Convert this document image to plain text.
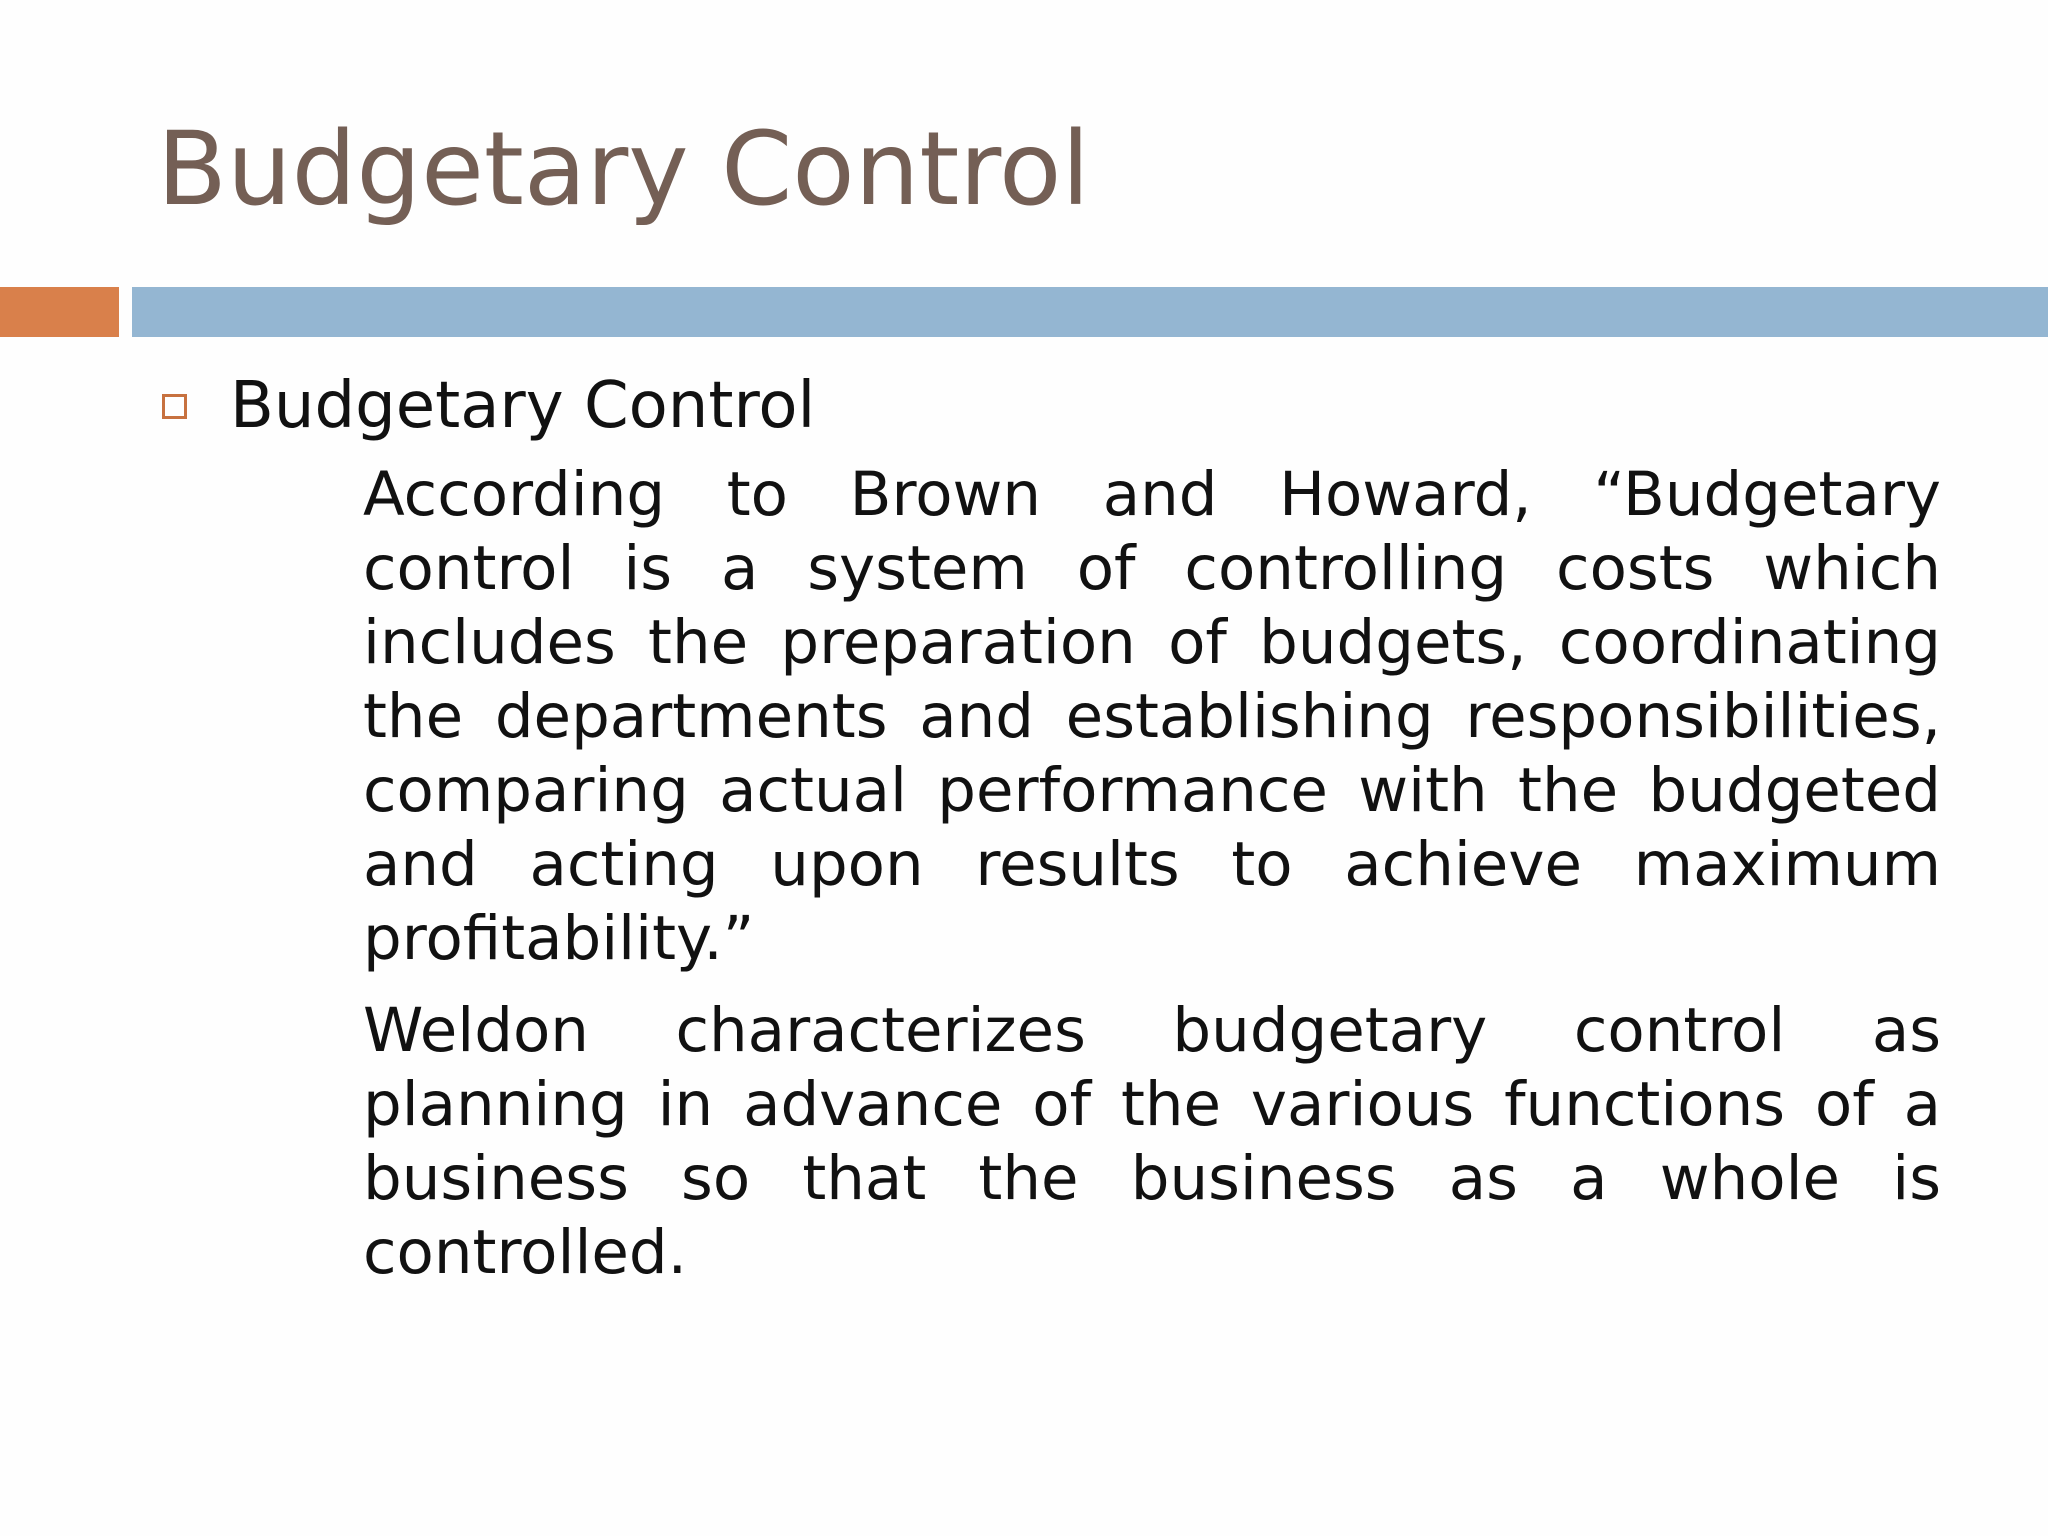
Budgetary Control
Budgetary Control

According to Brown and Howard, “Budgetary control is a system of controlling costs which includes the preparation of budgets, coordinating the departments and establishing responsibilities, comparing actual performance with the budgeted and acting upon results to achieve maximum profitability.”

Weldon characterizes budgetary control as planning in advance of the various functions of a business so that the business as a whole is controlled.
